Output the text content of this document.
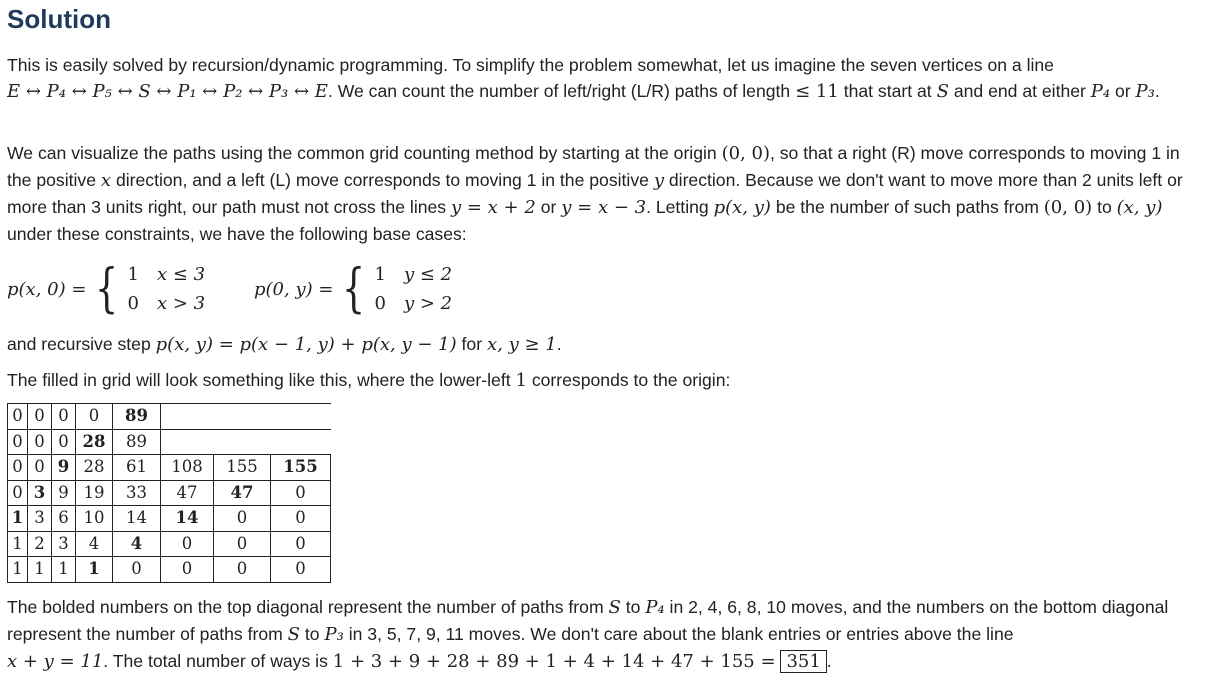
Solution

This is easily solved by recursion/dynamic programming. To simplify the problem somewhat, let us imagine the seven vertices on a line
E ↔ P₄ ↔ P₅ ↔ S ↔ P₁ ↔ P₂ ↔ P₃ ↔ E. We can count the number of left/right (L/R) paths of length ≤ 11 that start at S and end at either P₄ or P₃.

We can visualize the paths using the common grid counting method by starting at the origin (0, 0), so that a right (R) move corresponds to moving 1 in the positive x direction, and a left (L) move corresponds to moving 1 in the positive y direction. Because we don't want to move more than 2 units left or more than 3 units right, our path must not cross the lines y = x + 2 or y = x − 3. Letting p(x, y) be the number of such paths from (0, 0) to (x, y) under these constraints, we have the following base cases:

p(x, 0) = { 1 x ≤ 3
0 x > 3
p(0, y) = { 1 y ≤ 2
0 y > 2

and recursive step p(x, y) = p(x − 1, y) + p(x, y − 1) for x, y ≥ 1.

The filled in grid will look something like this, where the lower-left 1 corresponds to the origin:

0	0	0	0	89			
0	0	0	28	89			
0	0	9	28	61	108	155	155
0	3	9	19	33	47	47	0
1	3	6	10	14	14	0	0
1	2	3	4	4	0	0	0
1	1	1	1	0	0	0	0

The bolded numbers on the top diagonal represent the number of paths from S to P₄ in 2, 4, 6, 8, 10 moves, and the numbers on the bottom diagonal represent the number of paths from S to P₃ in 3, 5, 7, 9, 11 moves. We don't care about the blank entries or entries above the line
x + y = 11. The total number of ways is 1 + 3 + 9 + 28 + 89 + 1 + 4 + 14 + 47 + 155 = 351 .
